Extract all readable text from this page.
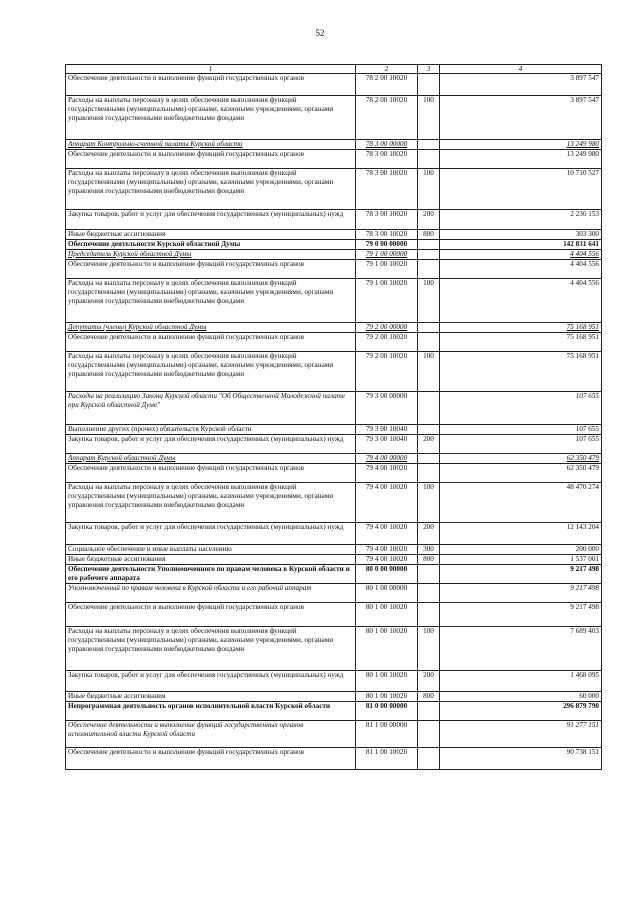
52
1	2	3	4
Обеспечение деятельности и выполнение функций государственных органов	78 2 00 10020		3 897 547
Расходы на выплаты персоналу в целях обеспечения выполнения функций государственными (муниципальными) органами, казенными учреждениями, органами управления государственными внебюджетными фондами	78 2 00 10020	100	3 897 547
Аппарат Контрольно-счетной палаты Курской области	78 3 00 00000		13 249 980
Обеспечение деятельности и выполнение функций государственных органов	78 3 00 10020		13 249 980
Расходы на выплаты персоналу в целях обеспечения выполнения функций государственными (муниципальными) органами, казенными учреждениями, органами управления государственными внебюджетными фондами	78 3 00 10020	100	10 710 527
Закупка товаров, работ и услуг для обеспечения государственных (муниципальных) нужд	78 3 00 10020	200	2 236 153
Иные бюджетные ассигнования	78 3 00 10020	800	303 300
Обеспечение деятельности Курской областной Думы	79 0 00 00000		142 831 641
Председатель Курской областной Думы	79 1 00 00000		4 404 556
Обеспечение деятельности и выполнение функций государственных органов	79 1 00 10020		4 404 556
Расходы на выплаты персоналу в целях обеспечения выполнения функций государственными (муниципальными) органами, казенными учреждениями, органами управления государственными внебюджетными фондами	79 1 00 10020	100	4 404 556
Депутаты (члены) Курской областной Думы	79 2 00 00000		75 168 951
Обеспечение деятельности и выполнение функций государственных органов	79 2 00 10020		75 168 951
Расходы на выплаты персоналу в целях обеспечения выполнения функций государственными (муниципальными) органами, казенными учреждениями, органами управления государственными внебюджетными фондами	79 2 00 10020	100	75 168 951
Расходы на реализацию Закона Курской области "Об Общественной Молодежной палате при Курской областной Думе"	79 3 00 00000		107 655
Выполнение других (прочих) обязательств Курской области	79 3 00 10040		107 655
Закупка товаров, работ и услуг для обеспечения государственных (муниципальных) нужд	79 3 00 10040	200	107 655
Аппарат Курской областной Думы	79 4 00 00000		62 350 479
Обеспечение деятельности и выполнение функций государственных органов	79 4 00 10020		62 350 479
Расходы на выплаты персоналу в целях обеспечения выполнения функций государственными (муниципальными) органами, казенными учреждениями, органами управления государственными внебюджетными фондами	79 4 00 10020	100	48 470 274
Закупка товаров, работ и услуг для обеспечения государственных (муниципальных) нужд	79 4 00 10020	200	12 143 204
Социальное обеспечение и иные выплаты населению	79 4 00 10020	300	200 000
Иные бюджетные ассигнования	79 4 00 10020	800	1 537 001
Обеспечение деятельности Уполномоченного по правам человека в Курской области и его рабочего аппарата	80 0 00 00000		9 217 498
Уполномоченный по правам человека в Курской области и его рабочий аппарат	80 1 00 00000		9 217 498
Обеспечение деятельности и выполнение функций государственных органов	80 1 00 10020		9 217 498
Расходы на выплаты персоналу в целях обеспечения выполнения функций государственными (муниципальными) органами, казенными учреждениями, органами управления государственными внебюджетными фондами	80 1 00 10020	100	7 689 403
Закупка товаров, работ и услуг для обеспечения государственных (муниципальных) нужд	80 1 00 10020	200	1 468 095
Иные бюджетные ассигнования	80 1 00 10020	800	60 000
Непрограммная деятельность органов исполнительной власти Курской области	81 0 00 00000		296 879 790
Обеспечение деятельности и выполнение функций государственных органов исполнительной власти Курской области	81 1 00 00000		91 277 151
Обеспечение деятельности и выполнение функций государственных органов	81 1 00 10020		90 738 151
